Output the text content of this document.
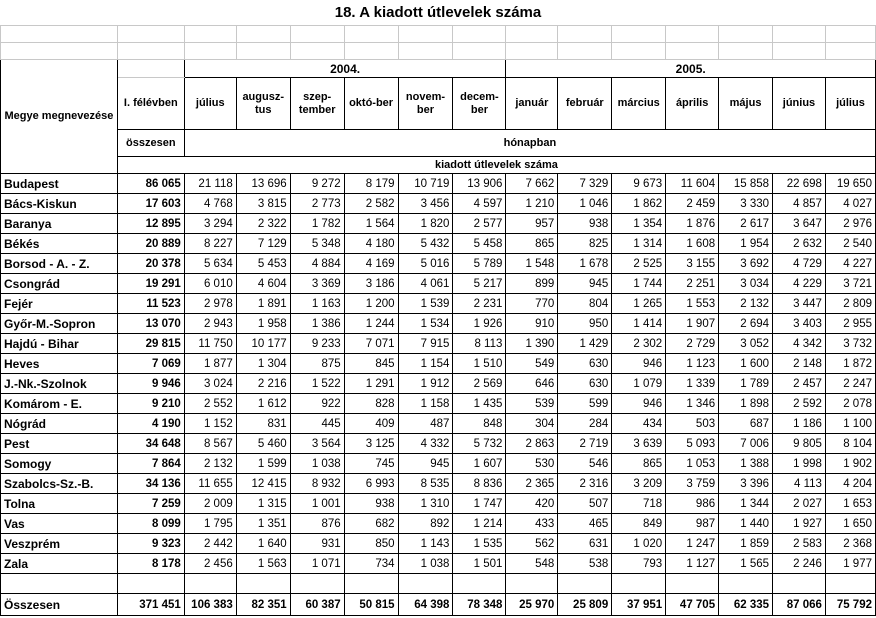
18. A kiadott útlevelek száma

Megye megnevezése		2004.						2005.						
	I. félévben	július	augusz-tus	szep-tember	októ-ber	novem-ber	decem-ber	január	február	március	április	május	június	július
	összesen	hónapban												
	kiadott útlevelek száma													
Budapest	86 065	21 118	13 696	9 272	8 179	10 719	13 906	7 662	7 329	9 673	11 604	15 858	22 698	19 650
Bács-Kiskun	17 603	4 768	3 815	2 773	2 582	3 456	4 597	1 210	1 046	1 862	2 459	3 330	4 857	4 027
Baranya	12 895	3 294	2 322	1 782	1 564	1 820	2 577	957	938	1 354	1 876	2 617	3 647	2 976
Békés	20 889	8 227	7 129	5 348	4 180	5 432	5 458	865	825	1 314	1 608	1 954	2 632	2 540
Borsod - A. - Z.	20 378	5 634	5 453	4 884	4 169	5 016	5 789	1 548	1 678	2 525	3 155	3 692	4 729	4 227
Csongrád	19 291	6 010	4 604	3 369	3 186	4 061	5 217	899	945	1 744	2 251	3 034	4 229	3 721
Fejér	11 523	2 978	1 891	1 163	1 200	1 539	2 231	770	804	1 265	1 553	2 132	3 447	2 809
Győr-M.-Sopron	13 070	2 943	1 958	1 386	1 244	1 534	1 926	910	950	1 414	1 907	2 694	3 403	2 955
Hajdú - Bihar	29 815	11 750	10 177	9 233	7 071	7 915	8 113	1 390	1 429	2 302	2 729	3 052	4 342	3 732
Heves	7 069	1 877	1 304	875	845	1 154	1 510	549	630	946	1 123	1 600	2 148	1 872
J.-Nk.-Szolnok	9 946	3 024	2 216	1 522	1 291	1 912	2 569	646	630	1 079	1 339	1 789	2 457	2 247
Komárom - E.	9 210	2 552	1 612	922	828	1 158	1 435	539	599	946	1 346	1 898	2 592	2 078
Nógrád	4 190	1 152	831	445	409	487	848	304	284	434	503	687	1 186	1 100
Pest	34 648	8 567	5 460	3 564	3 125	4 332	5 732	2 863	2 719	3 639	5 093	7 006	9 805	8 104
Somogy	7 864	2 132	1 599	1 038	745	945	1 607	530	546	865	1 053	1 388	1 998	1 902
Szabolcs-Sz.-B.	34 136	11 655	12 415	8 932	6 993	8 535	8 836	2 365	2 316	3 209	3 759	3 396	4 113	4 204
Tolna	7 259	2 009	1 315	1 001	938	1 310	1 747	420	507	718	986	1 344	2 027	1 653
Vas	8 099	1 795	1 351	876	682	892	1 214	433	465	849	987	1 440	1 927	1 650
Veszprém	9 323	2 442	1 640	931	850	1 143	1 535	562	631	1 020	1 247	1 859	2 583	2 368
Zala	8 178	2 456	1 563	1 071	734	1 038	1 501	548	538	793	1 127	1 565	2 246	1 977

Összesen	371 451	106 383	82 351	60 387	50 815	64 398	78 348	25 970	25 809	37 951	47 705	62 335	87 066	75 792
